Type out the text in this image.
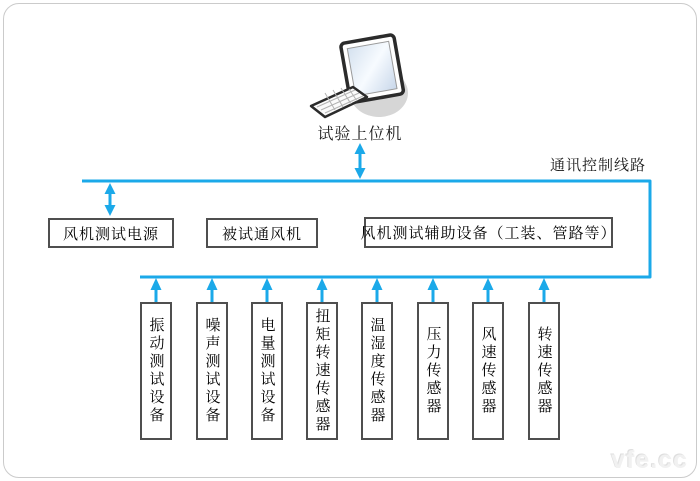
试验上位机
通讯控制线路
风机测试电源	被试通风机	风机测试辅助设备（工装、管路等）
振动测试设备	噪声测试设备	电量测试设备	扭矩转速传感器	温湿度传感器	压力传感器	风速传感器	转速传感器
vfe.cc
